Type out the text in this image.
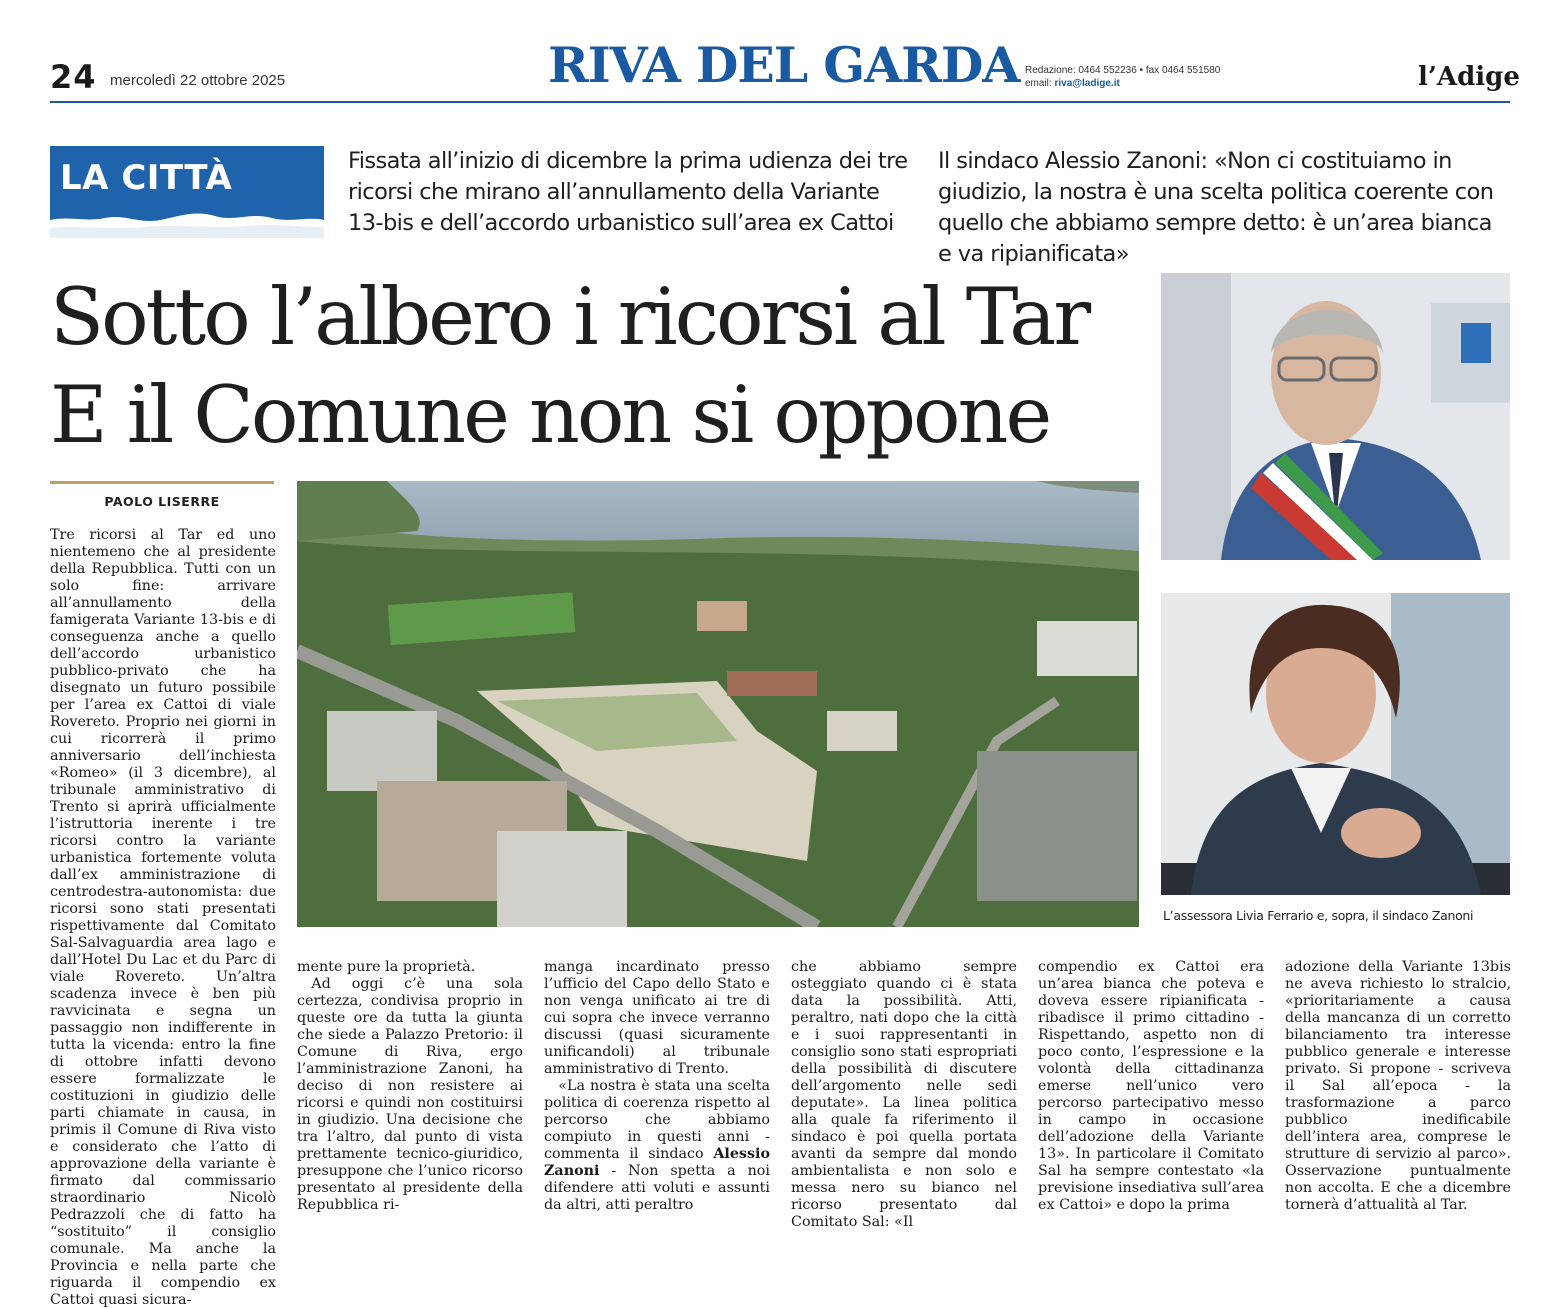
24 mercoledì 22 ottobre 2025	RIVA DEL GARDA Redazione: 0464 552236 • fax 0464 551580
email: riva@ladige.it	l’Adige
LA CITTÀ	Fissata all’inizio di dicembre la prima udienza dei tre ricorsi che mirano all’annullamento della Variante 13-bis e dell’accordo urbanistico sull’area ex Cattoi
Il sindaco Alessio Zanoni: «Non ci costituiamo in giudizio, la nostra è una scelta politica coerente con quello che abbiamo sempre detto: è un’area bianca e va ripianificata»
Sotto l’albero i ricorsi al Tar
E il Comune non si oppone
PAOLO LISERRE
L’assessora Livia Ferrario e, sopra, il sindaco Zanoni

Tre ricorsi al Tar ed uno nientemeno che al presidente della Repubblica. Tutti con un solo fine: arrivare all’annullamento della famigerata Variante 13-bis e di conseguenza anche a quello dell’accordo urbanistico pubblico-privato che ha disegnato un futuro possibile per l’area ex Cattoi di viale Rovereto. Proprio nei giorni in cui ricorrerà il primo anniversario dell’inchiesta «Romeo» (il 3 dicembre), al tribunale amministrativo di Trento si aprirà ufficialmente l’istruttoria inerente i tre ricorsi contro la variante urbanistica fortemente voluta dall’ex amministrazione di centrodestra-autonomista: due ricorsi sono stati presentati rispettivamente dal Comitato Sal-Salvaguardia area lago e dall’Hotel Du Lac et du Parc di viale Rovereto. Un’altra scadenza invece è ben più ravvicinata e segna un passaggio non indifferente in tutta la vicenda: entro la fine di ottobre infatti devono essere formalizzate le costituzioni in giudizio delle parti chiamate in causa, in primis il Comune di Riva visto e considerato che l’atto di approvazione della variante è firmato dal commissario straordinario Nicolò Pedrazzoli che di fatto ha “sostituito” il consiglio comunale. Ma anche la Provincia e nella parte che riguarda il compendio ex Cattoi quasi sicura-

mente pure la proprietà.

Ad oggi c’è una sola certezza, condivisa proprio in queste ore da tutta la giunta che siede a Palazzo Pretorio: il Comune di Riva, ergo l’amministrazione Zanoni, ha deciso di non resistere ai ricorsi e quindi non costituirsi in giudizio. Una decisione che tra l’altro, dal punto di vista prettamente tecnico-giuridico, presuppone che l’unico ricorso presentato al presidente della Repubblica ri-

manga incardinato presso l’ufficio del Capo dello Stato e non venga unificato ai tre di cui sopra che invece verranno discussi (quasi sicuramente unificandoli) al tribunale amministrativo di Trento.

«La nostra è stata una scelta politica di coerenza rispetto al percorso che abbiamo compiuto in questi anni - commenta il sindaco Alessio Zanoni - Non spetta a noi difendere atti voluti e assunti da altri, atti peraltro

che abbiamo sempre osteggiato quando ci è stata data la possibilità. Atti, peraltro, nati dopo che la città e i suoi rappresentanti in consiglio sono stati espropriati della possibilità di discutere dell’argomento nelle sedi deputate». La linea politica alla quale fa riferimento il sindaco è poi quella portata avanti da sempre dal mondo ambientalista e non solo e messa nero su bianco nel ricorso presentato dal Comitato Sal: «Il

compendio ex Cattoi era un’area bianca che poteva e doveva essere ripianificata - ribadisce il primo cittadino - Rispettando, aspetto non di poco conto, l’espressione e la volontà della cittadinanza emerse nell’unico vero percorso partecipativo messo in campo in occasione dell’adozione della Variante 13». In particolare il Comitato Sal ha sempre contestato «la previsione insediativa sull’area ex Cattoi» e dopo la prima

adozione della Variante 13bis ne aveva richiesto lo stralcio, «prioritariamente a causa della mancanza di un corretto bilanciamento tra interesse pubblico generale e interesse privato. Si propone - scriveva il Sal all’epoca - la trasformazione a parco pubblico inedificabile dell’intera area, comprese le strutture di servizio al parco». Osservazione puntualmente non accolta. E che a dicembre tornerà d’attualità al Tar.
